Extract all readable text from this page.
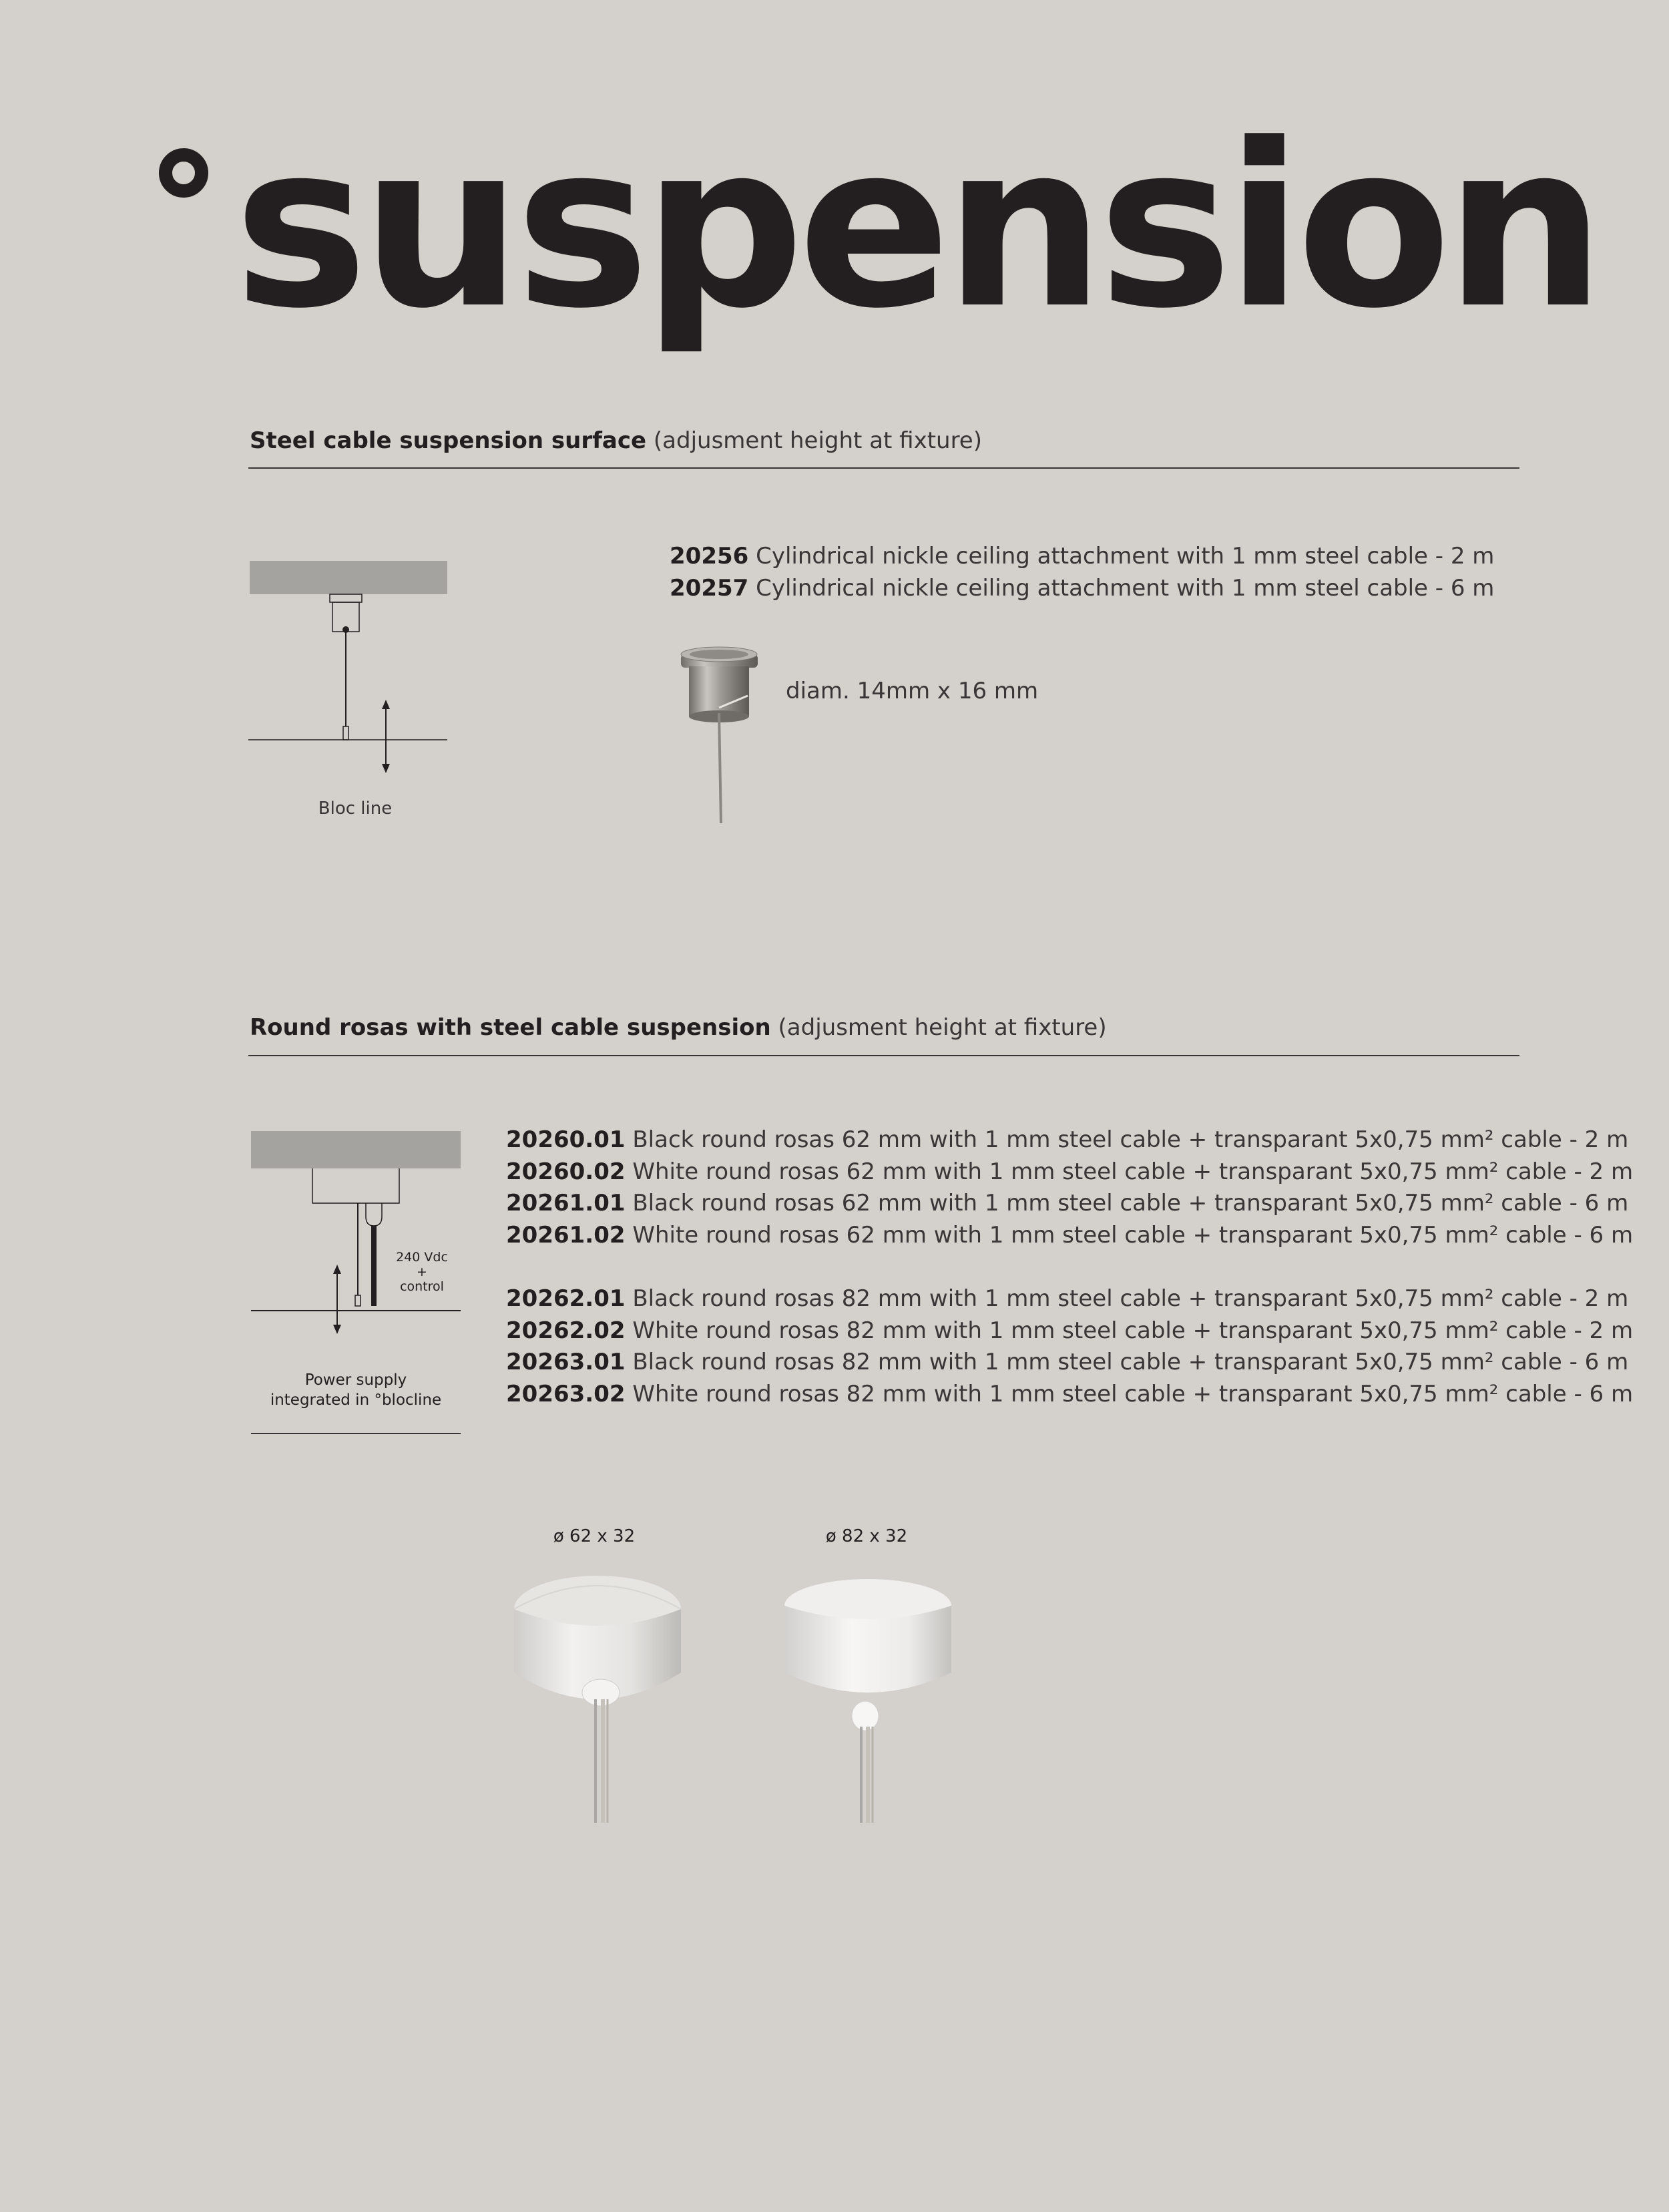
suspension
Steel cable suspension surface (adjusment height at fixture)
Bloc line
20256 Cylindrical nickle ceiling attachment with 1 mm steel cable - 2 m
20257 Cylindrical nickle ceiling attachment with 1 mm steel cable - 6 m
diam. 14mm x 16 mm
Round rosas with steel cable suspension (adjusment height at fixture)
240 Vdc
+
control
Power supply
integrated in °blocline
20260.01 Black round rosas 62 mm with 1 mm steel cable + transparant 5x0,75 mm² cable - 2 m
20260.02 White round rosas 62 mm with 1 mm steel cable + transparant 5x0,75 mm² cable - 2 m
20261.01 Black round rosas 62 mm with 1 mm steel cable + transparant 5x0,75 mm² cable - 6 m
20261.02 White round rosas 62 mm with 1 mm steel cable + transparant 5x0,75 mm² cable - 6 m
20262.01 Black round rosas 82 mm with 1 mm steel cable + transparant 5x0,75 mm² cable - 2 m
20262.02 White round rosas 82 mm with 1 mm steel cable + transparant 5x0,75 mm² cable - 2 m
20263.01 Black round rosas 82 mm with 1 mm steel cable + transparant 5x0,75 mm² cable - 6 m
20263.02 White round rosas 82 mm with 1 mm steel cable + transparant 5x0,75 mm² cable - 6 m
ø 62 x 32	ø 82 x 32
